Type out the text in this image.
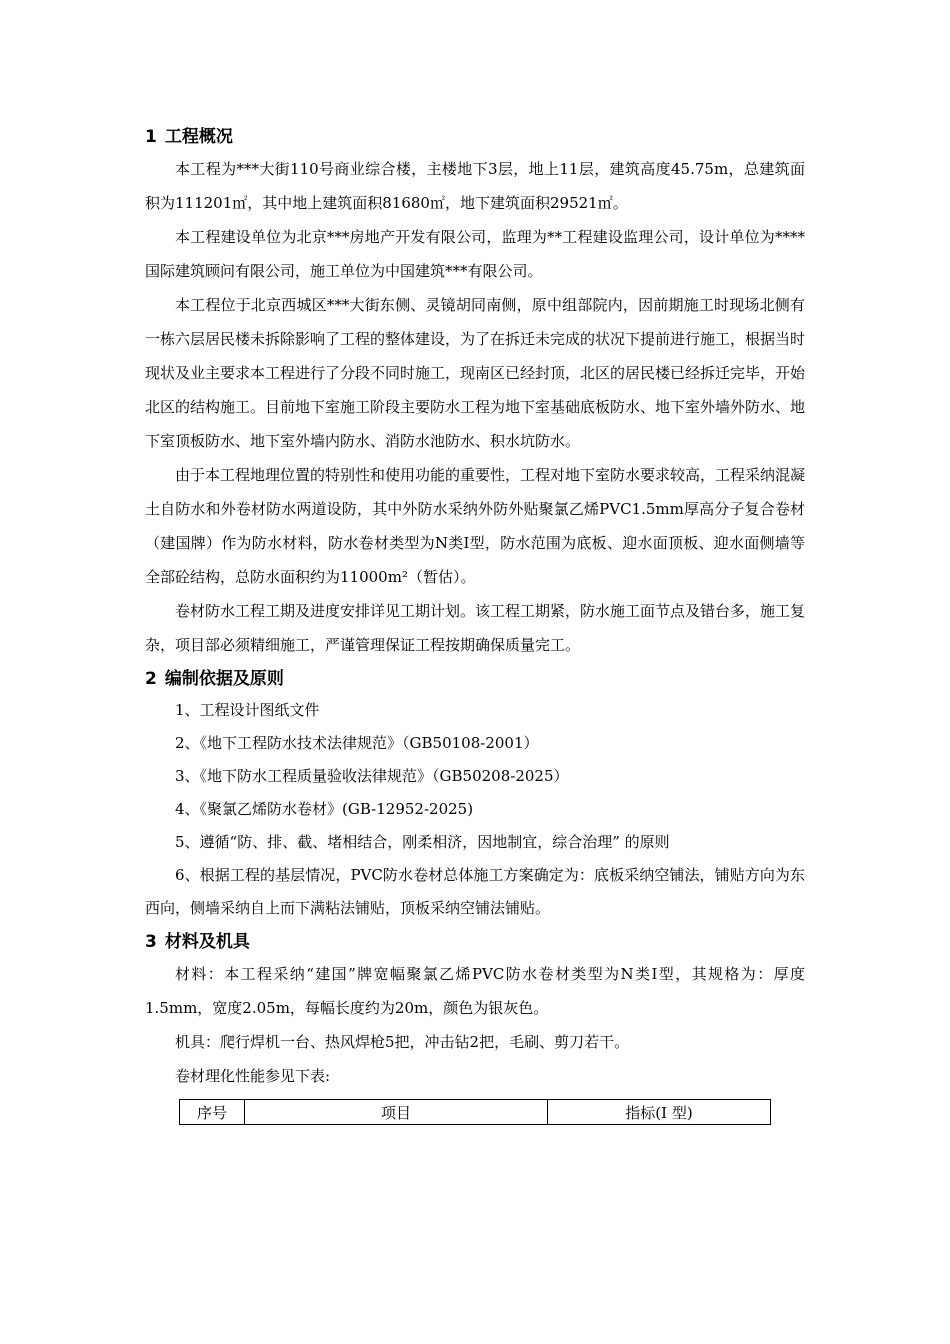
1 工程概况

本工程为***大街110号商业综合楼，主楼地下3层，地上11层，建筑高度45.75m，总建筑面积为111201㎡，其中地上建筑面积81680㎡，地下建筑面积29521㎡。

本工程建设单位为北京***房地产开发有限公司，监理为**工程建设监理公司，设计单位为****国际建筑顾问有限公司，施工单位为中国建筑***有限公司。

本工程位于北京西城区***大街东侧、灵镜胡同南侧，原中组部院内，因前期施工时现场北侧有一栋六层居民楼未拆除影响了工程的整体建设，为了在拆迁未完成的状况下提前进行施工，根据当时现状及业主要求本工程进行了分段不同时施工，现南区已经封顶，北区的居民楼已经拆迁完毕，开始北区的结构施工。目前地下室施工阶段主要防水工程为地下室基础底板防水、地下室外墙外防水、地下室顶板防水、地下室外墙内防水、消防水池防水、积水坑防水。

由于本工程地理位置的特别性和使用功能的重要性，工程对地下室防水要求较高，工程采纳混凝土自防水和外卷材防水两道设防，其中外防水采纳外防外贴聚氯乙烯PVC1.5mm厚高分子复合卷材（建国牌）作为防水材料，防水卷材类型为N类Ⅰ型，防水范围为底板、迎水面顶板、迎水面侧墙等全部砼结构，总防水面积约为11000m²（暂估）。

卷材防水工程工期及进度安排详见工期计划。该工程工期紧，防水施工面节点及错台多，施工复杂，项目部必须精细施工，严谨管理保证工程按期确保质量完工。

2 编制依据及原则

1、工程设计图纸文件

2、《地下工程防水技术法律规范》（GB50108-2001）

3、《地下防水工程质量验收法律规范》（GB50208-2025）

4、《聚氯乙烯防水卷材》(GB-12952-2025)

5、遵循“防、排、截、堵相结合，刚柔相济，因地制宜，综合治理” 的原则

6、根据工程的基层情况，PVC防水卷材总体施工方案确定为：底板采纳空铺法，铺贴方向为东西向，侧墙采纳自上而下满粘法铺贴，顶板采纳空铺法铺贴。

3 材料及机具

材料：本工程采纳“建国”牌宽幅聚氯乙烯PVC防水卷材类型为N类Ⅰ型，其规格为：厚度1.5mm，宽度2.05m，每幅长度约为20m，颜色为银灰色。

机具：爬行焊机一台、热风焊枪5把，冲击钻2把，毛刷、剪刀若干。

卷材理化性能参见下表:

序号	项目	指标(Ⅰ 型)
